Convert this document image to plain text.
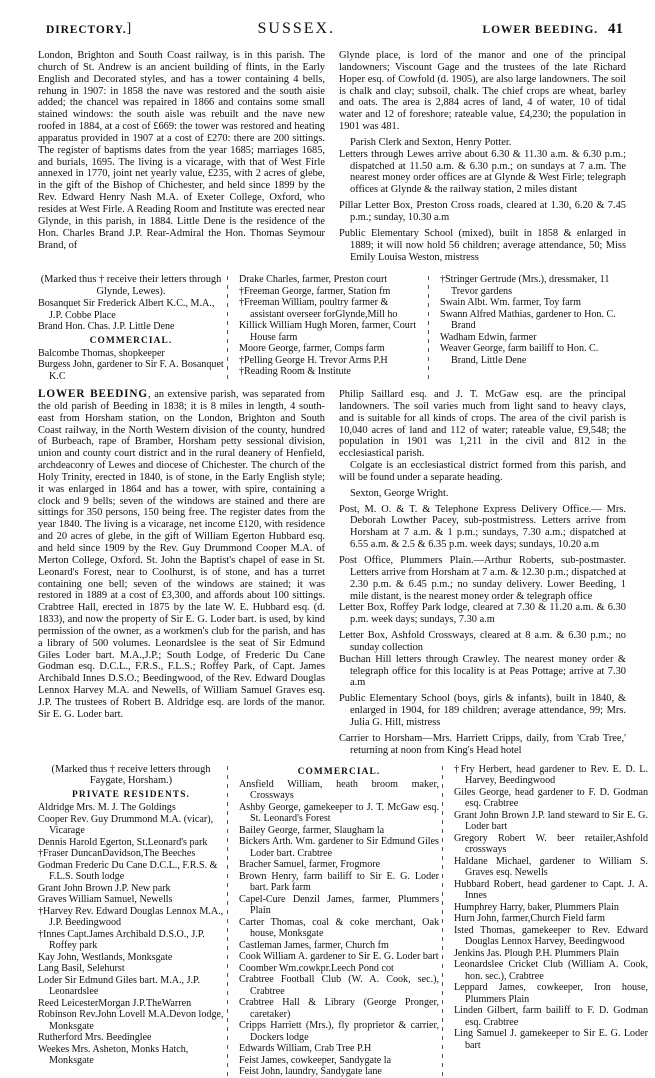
DIRECTORY.]	SUSSEX.	LOWER BEEDING. 41

London, Brighton and South Coast railway, is in this parish. The church of St. Andrew is an ancient building of flints, in the Early English and Decorated styles, and has a tower containing 4 bells, rehung in 1907: in 1858 the nave was restored and the south aisie added; the chancel was repaired in 1866 and contains some small stained windows: the south aisle was rebuilt and the nave new roofed in 1884, at a cost of £669: the tower was restored and heating apparatus provided in 1907 at a cost of £270: there are 200 sittings. The register of baptisms dates from the year 1685; marriages 1685, and burials, 1695. The living is a vicarage, with that of West Firle annexed in 1770, joint net yearly value, £235, with 2 acres of glebe, in the gift of the Bishop of Chichester, and held since 1899 by the Rev. Edward Henry Nash M.A. of Exeter College, Oxford, who resides at West Firle. A Reading Room and Institute was erected near Glynde, in this parish, in 1884. Little Dene is the residence of the Hon. Charles Brand J.P. Rear-Admiral the Hon. Thomas Seymour Brand, of

Glynde place, is lord of the manor and one of the principal landowners; Viscount Gage and the trustees of the late Richard Hoper esq. of Cowfold (d. 1905), are also large landowners. The soil is chalk and clay; subsoil, chalk. The chief crops are wheat, barley and oats. The area is 2,884 acres of land, 4 of water, 10 of tidal water and 12 of foreshore; rateable value, £4,230; the population in 1901 was 481.

Parish Clerk and Sexton, Henry Potter.

Letters through Lewes arrive about 6.30 & 11.30 a.m. & 6.30 p.m.; dispatched at 11.50 a.m. & 6.30 p.m.; on sundays at 7 a.m. The nearest money order offices are at Glynde & West Firle; telegraph offices at Glynde & the railway station, 2 miles distant

Pillar Letter Box, Preston Cross roads, cleared at 1.30, 6.20 & 7.45 p.m.; sunday, 10.30 a.m

Public Elementary School (mixed), built in 1858 & enlarged in 1889; it will now hold 56 children; average attendance, 50; Miss Emily Louisa Weston, mistress

(Marked thus † receive their letters through Glynde, Lewes).

Bosanquet Sir Frederick Albert K.C., M.A., J.P. Cobbe Place

Brand Hon. Chas. J.P. Little Dene

COMMERCIAL.

Balcombe Thomas, shopkeeper

Burgess John, gardener to Sir F. A. Bosanquet K.C

Drake Charles, farmer, Preston court

†Freeman George, farmer, Station fm

†Freeman William, poultry farmer & assistant overseer forGlynde,Mill ho

Killick William Hugh Moren, farmer, Court House farm

Moore George, farmer, Comps farm

†Pelling George H. Trevor Arms P.H

†Reading Room & Institute

†Stringer Gertrude (Mrs.), dressmaker, 11 Trevor gardens

Swain Albt. Wm. farmer, Toy farm

Swann Alfred Mathias, gardener to Hon. C. Brand

Wadham Edwin, farmer

Weaver George, farm bailiff to Hon. C. Brand, Little Dene

LOWER BEEDING, an extensive parish, was separated from the old parish of Beeding in 1838; it is 8 miles in length, 4 south-east from Horsham station, on the London, Brighton and South Coast railway, in the North Western division of the county, hundred of Burbeach, rape of Bramber, Horsham petty sessional division, union and county court district and in the rural deanery of Henfield, archdeaconry of Lewes and diocese of Chichester. The church of the Holy Trinity, erected in 1840, is of stone, in the Early English style; it was enlarged in 1864 and has a tower, with spire, containing a clock and 9 bells; seven of the windows are stained and there are sittings for 350 persons, 150 being free. The register dates from the year 1840. The living is a vicarage, net income £120, with residence and 20 acres of glebe, in the gift of William Egerton Hubbard esq. and held since 1909 by the Rev. Guy Drummond Cooper M.A. of Merton College, Oxford. St. John the Baptist's chapel of ease in St. Leonard's Forest, near to Coolhurst, is of stone, and has a turret containing one bell; seven of the windows are stained; it was restored in 1889 at a cost of £3,300, and affords about 100 sittings. Crabtree Hall, erected in 1875 by the late W. E. Hubbard esq. (d. 1833), and now the property of Sir E. G. Loder bart. is used, by kind permission of the owner, as a workmen's club for the parish, and has a library of 500 volumes. Leonardslee is the seat of Sir Edmund Giles Loder bart. M.A.,J.P.; South Lodge, of Frederic Du Cane Godman esq. D.C.L., F.R.S., F.L.S.; Roffey Park, of Capt. James Archibald Innes D.S.O.; Beedingwood, of the Rev. Edward Douglas Lennox Harvey M.A. and Newells, of William Samuel Graves esq. J.P. The trustees of Robert B. Aldridge esq. are lords of the manor. Sir E. G. Loder bart.

Philip Saillard esq. and J. T. McGaw esq. are the principal landowners. The soil varies much from light sand to heavy clays, and is suitable for all kinds of crops. The area of the civil parish is 10,040 acres of land and 112 of water; rateable value, £9,548; the population in 1901 was 1,211 in the civil and 812 in the ecclesiastical parish.

Colgate is an ecclesiastical district formed from this parish, and will be found under a separate heading.

Sexton, George Wright.

Post, M. O. & T. & Telephone Express Delivery Office.— Mrs. Deborah Lowther Pacey, sub-postmistress. Letters arrive from Horsham at 7 a.m. & 1 p.m.; sundays, 7.30 a.m.; dispatched at 6.55 a.m. & 2.5 & 6.35 p.m. week days; sundays, 10.20 a.m

Post Office, Plummers Plain.—Arthur Roberts, sub-postmaster. Letters arrive from Horsham at 7 a.m. & 12.30 p.m.; dispatched at 2.30 p.m. & 6.45 p.m.; no sunday delivery. Lower Beeding, 1 mile distant, is the nearest money order & telegraph office

Letter Box, Roffey Park lodge, cleared at 7.30 & 11.20 a.m. & 6.30 p.m. week days; sundays, 7.30 a.m

Letter Box, Ashfold Crossways, cleared at 8 a.m. & 6.30 p.m.; no sunday collection

Buchan Hill letters through Crawley. The nearest money order & telegraph office for this locality is at Peas Pottage; arrive at 7.30 a.m

Public Elementary School (boys, girls & infants), built in 1840, & enlarged in 1904, for 189 children; average attendance, 99; Mrs. Julia G. Hill, mistress

Carrier to Horsham—Mrs. Harriett Cripps, daily, from 'Crab Tree,' returning at noon from King's Head hotel

(Marked thus † receive letters through Faygate, Horsham.)

PRIVATE RESIDENTS.

Aldridge Mrs. M. J. The Goldings

Cooper Rev. Guy Drummond M.A. (vicar), Vicarage

Dennis Harold Egerton, St.Leonard's park

†Fraser DuncanDavidson,The Beeches

Godman Frederic Du Cane D.C.L., F.R.S. & F.L.S. South lodge

Grant John Brown J.P. New park

Graves William Samuel, Newells

†Harvey Rev. Edward Douglas Lennox M.A., J.P. Beedingwood

†Innes Capt.James Archibald D.S.O., J.P. Roffey park

Kay John, Westlands, Monksgate

Lang Basil, Selehurst

Loder Sir Edmund Giles bart. M.A., J.P. Leonardslee

Reed LeicesterMorgan J.P.TheWarren

Robinson Rev.John Lovell M.A.Devon lodge, Monksgate

Rutherford Mrs. Beedinglee

Weekes Mrs. Asheton, Monks Hatch, Monksgate

COMMERCIAL.

Ansfield William, heath broom maker, Crossways

Ashby George, gamekeeper to J. T. McGaw esq. St. Leonard's Forest

Bailey George, farmer, Slaugham la

Bickers Arth. Wm. gardener to Sir Edmund Giles Loder bart. Crabtree

Bracher Samuel, farmer, Frogmore

Brown Henry, farm bailiff to Sir E. G. Loder bart. Park farm

Capel-Cure Denzil James, farmer, Plummers Plain

Carter Thomas, coal & coke merchant, Oak house, Monksgate

Castleman James, farmer, Church fm

Cook William A. gardener to Sir E. G. Loder bart

Coomber Wm.cowkpr.Leech Pond cot

Crabtree Football Club (W. A. Cook, sec.), Crabtree

Crabtree Hall & Library (George Pronger, caretaker)

Cripps Harriett (Mrs.), fly proprietor & carrier, Dockers lodge

Edwards William, Crab Tree P.H

Feist James, cowkeeper, Sandygate la

Feist John, laundry, Sandygate lane

†Fry Herbert, head gardener to Rev. E. D. L. Harvey, Beedingwood

Giles George, head gardener to F. D. Godman esq. Crabtree

Grant John Brown J.P. land steward to Sir E. G. Loder bart

Gregory Robert W. beer retailer,Ashfold crossways

Haldane Michael, gardener to William S. Graves esq. Newells

Hubbard Robert, head gardener to Capt. J. A. Innes

Humphrey Harry, baker, Plummers Plain

Hurn John, farmer,Church Field farm

Isted Thomas, gamekeeper to Rev. Edward Douglas Lennox Harvey, Beedingwood

Jenkins Jas. Plough P.H. Plummers Plain

Leonardslee Cricket Club (William A. Cook, hon. sec.), Crabtree

Leppard James, cowkeeper, Iron house, Plummers Plain

Linden Gilbert, farm bailiff to F. D. Godman esq. Crabtree

Ling Samuel J. gamekeeper to Sir E. G. Loder bart
